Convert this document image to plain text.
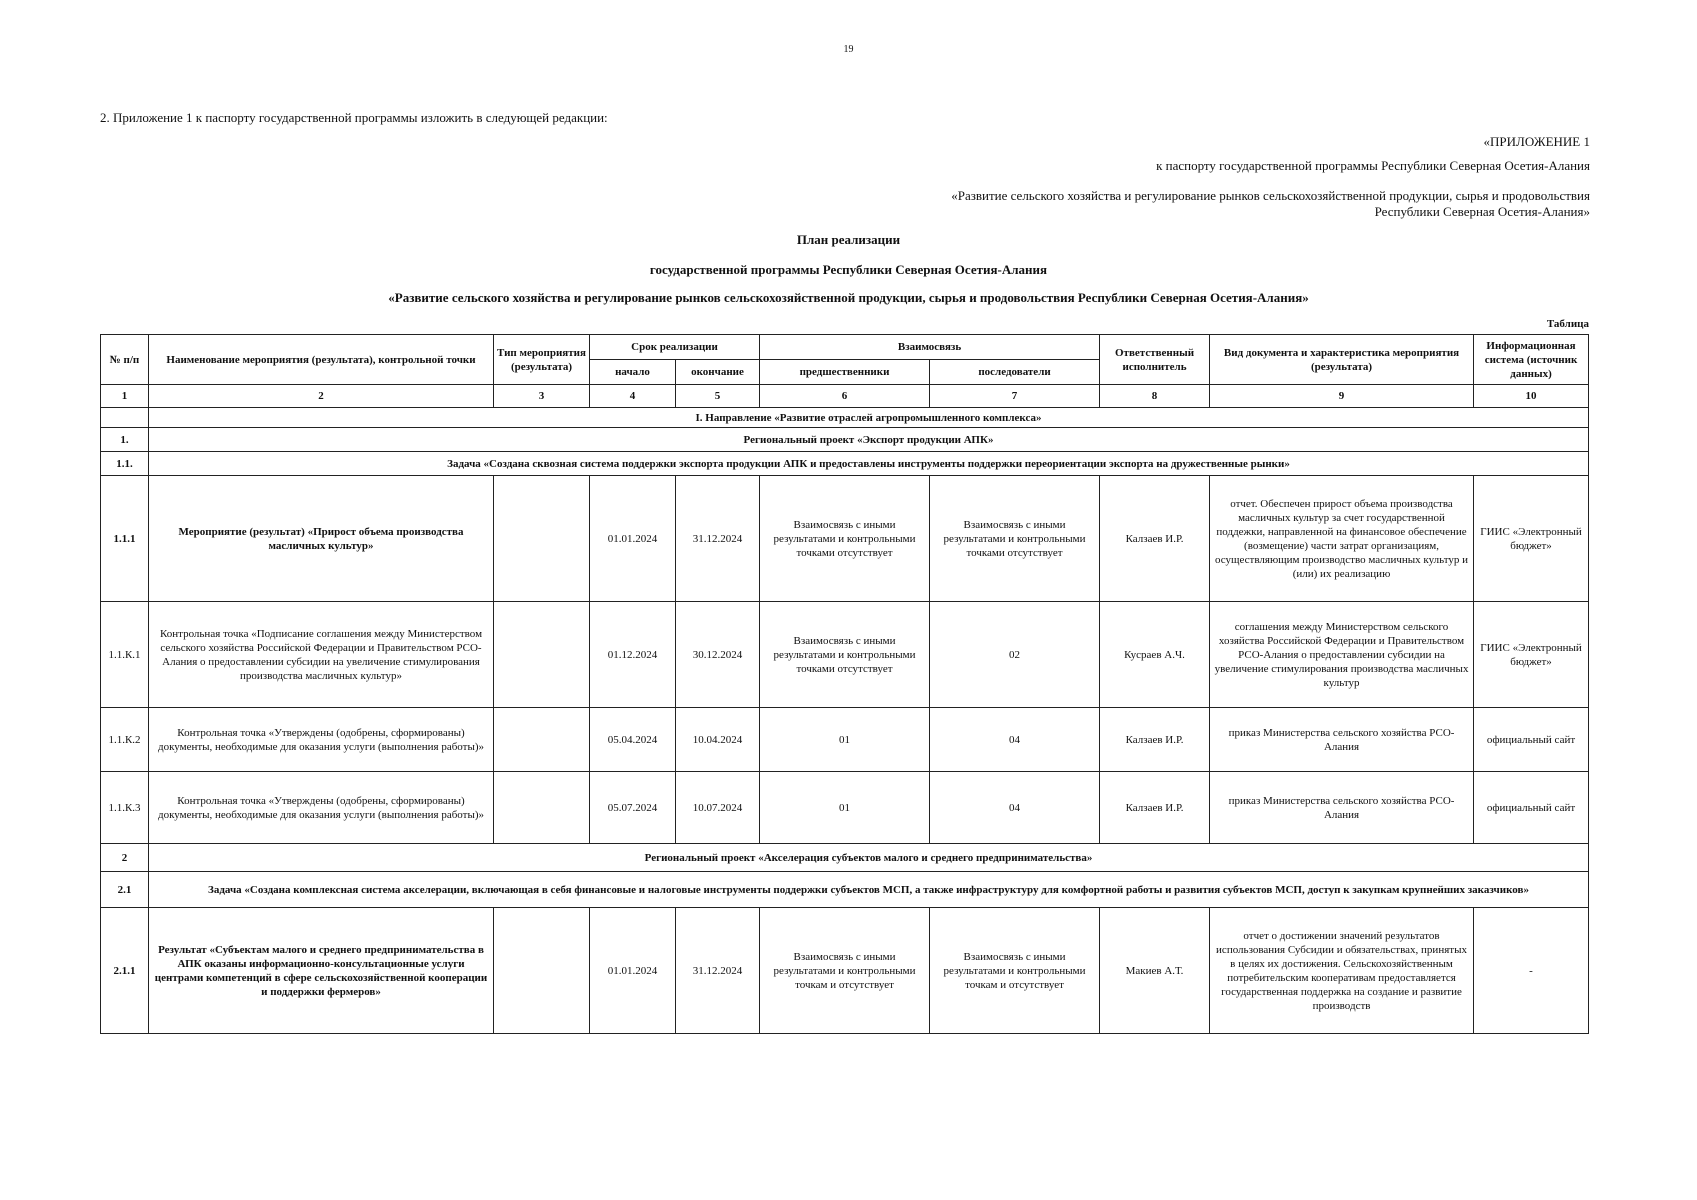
19
2. Приложение 1 к паспорту государственной программы изложить в следующей редакции:
«ПРИЛОЖЕНИЕ 1
к паспорту государственной программы Республики Северная Осетия-Алания
«Развитие сельского хозяйства и регулирование рынков сельскохозяйственной продукции, сырья и продовольствия
Республики Северная Осетия-Алания»
План реализации
государственной программы Республики Северная Осетия-Алания
«Развитие сельского хозяйства и регулирование рынков сельскохозяйственной продукции, сырья и продовольствия Республики Северная Осетия-Алания»
Таблица
№ п/п	Наименование мероприятия (результата), контрольной точки	Тип мероприятия (результата)	Срок реализации		Взаимосвязь		Ответственный исполнитель	Вид документа и характеристика мероприятия (результата)	Информационная система (источник данных)
			начало	окончание	предшественники	последователи			
1	2	3	4	5	6	7	8	9	10
	I. Направление «Развитие отраслей агропромышленного комплекса»								
1.	Региональный проект «Экспорт продукции АПК»								
1.1.	Задача «Создана сквозная система поддержки экспорта продукции АПК и предоставлены инструменты поддержки переориентации экспорта на дружественные рынки»								
1.1.1	Мероприятие (результат) «Прирост объема производства масличных культур»		01.01.2024	31.12.2024	Взаимосвязь с иными результатами и контрольными точками отсутствует	Взаимосвязь с иными результатами и контрольными точками отсутствует	Калзаев И.Р.	отчет. Обеспечен прирост объема производства масличных культур за счет государственной поддежки, направленной на финансовое обеспечение (возмещение) части затрат организациям, осуществляющим производство масличных культур и (или) их реализацию	ГИИС «Электронный бюджет»
1.1.К.1	Контрольная точка «Подписание соглашения между Министерством сельского хозяйства Российской Федерации и Правительством РСО-Алания о предоставлении субсидии на увеличение стимулирования производства масличных культур»		01.12.2024	30.12.2024	Взаимосвязь с иными результатами и контрольными точками отсутствует	02	Кусраев А.Ч.	соглашения между Министерством сельского хозяйства Российской Федерации и Правительством РСО-Алания о предоставлении субсидии на увеличение стимулирования производства масличных культур	ГИИС «Электронный бюджет»
1.1.К.2	Контрольная точка «Утверждены (одобрены, сформированы) документы, необходимые для оказания услуги (выполнения работы)»		05.04.2024	10.04.2024	01	04	Калзаев И.Р.	приказ Министерства сельского хозяйства РСО-Алания	официальный сайт
1.1.К.3	Контрольная точка «Утверждены (одобрены, сформированы) документы, необходимые для оказания услуги (выполнения работы)»		05.07.2024	10.07.2024	01	04	Калзаев И.Р.	приказ Министерства сельского хозяйства РСО-Алания	официальный сайт
2	Региональный проект «Акселерация субъектов малого и среднего предпринимательства»								
2.1	Задача «Создана комплексная система акселерации, включающая в себя финансовые и налоговые инструменты поддержки субъектов МСП, а также инфраструктуру для комфортной работы и развития субъектов МСП, доступ к закупкам крупнейших заказчиков»								
2.1.1	Результат «Субъектам малого и среднего предпринимательства в АПК оказаны информационно-консультационные услуги центрами компетенций в сфере сельскохозяйственной кооперации и поддержки фермеров»		01.01.2024	31.12.2024	Взаимосвязь с иными результатами и контрольными точкам и отсутствует	Взаимосвязь с иными результатами и контрольными точкам и отсутствует	Макиев А.Т.	отчет о достижении значений результатов использования Субсидии и обязательствах, принятых в целях их достижения. Сельскохозяйственным потребительским кооперативам предоставляется государственная поддержка на создание и развитие производств	-
